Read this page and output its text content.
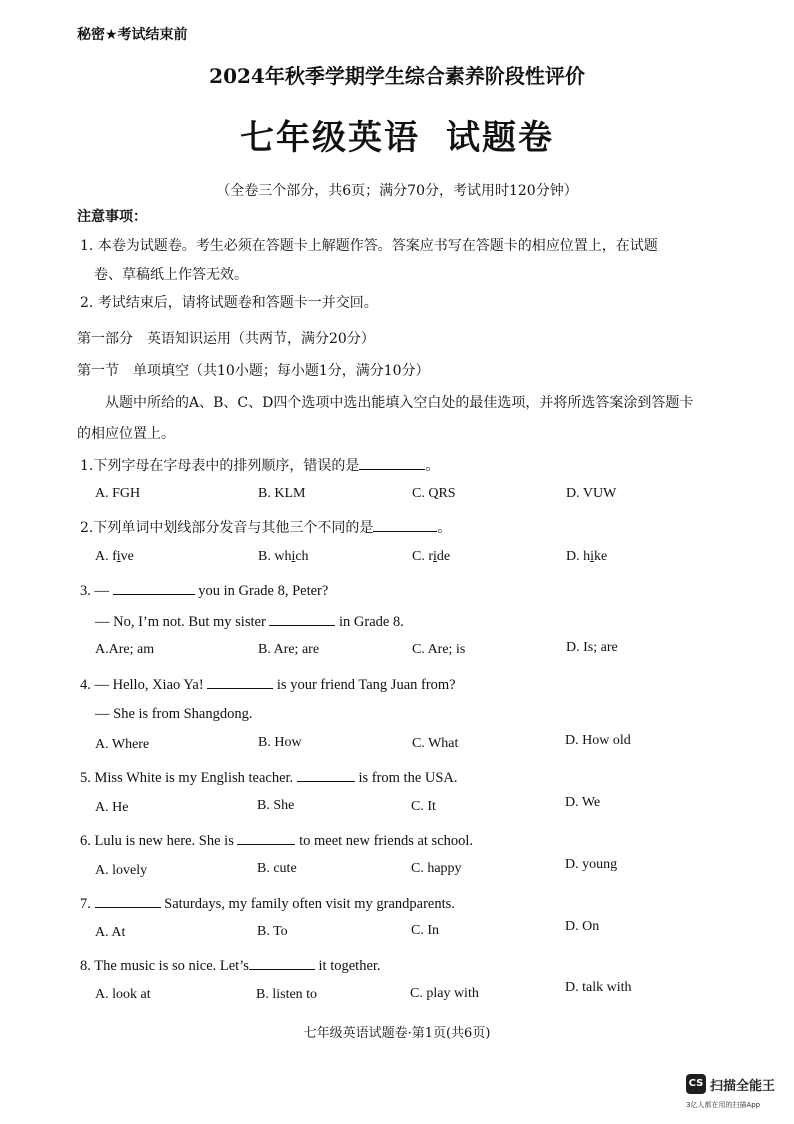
秘密★考试结束前
2024年秋季学期学生综合素养阶段性评价
七年级英语 试题卷
（全卷三个部分，共6页；满分70分，考试用时120分钟）
注意事项：
1. 本卷为试题卷。考生必须在答题卡上解题作答。答案应书写在答题卡的相应位置上，在试题
卷、草稿纸上作答无效。
2. 考试结束后，请将试题卷和答题卡一并交回。
第一部分　英语知识运用（共两节，满分20分）
第一节　单项填空（共10小题；每小题1分，满分10分）
从题中所给的A、B、C、D四个选项中选出能填入空白处的最佳选项，并将所选答案涂到答题卡
的相应位置上。
1.下列字母在字母表中的排列顺序，错误的是	。
A. FGH	B. KLM	C. QRS	D. VUW
2.下列单词中划线部分发音与其他三个不同的是	。
A. five	B. which	C. ride	D. hike
3. —	you in Grade 8, Peter?
— No, I’m not. But my sister	in Grade 8.
A.Are; am	B. Are; are	C. Are; is	D. Is; are
4. — Hello, Xiao Ya!	is your friend Tang Juan from?
— She is from Shangdong.
A. Where	B. How	C. What	D. How old
5. Miss White is my English teacher.	is from the USA.
A. He	B. She	C. It	D. We
6. Lulu is new here. She is	to meet new friends at school.
A. lovely	B. cute	C. happy	D. young
7.	Saturdays, my family often visit my grandparents.
A. At	B. To	C. In	D. On
8. The music is so nice. Let’s	it together.
A. look at	B. listen to	C. play with	D. talk with
七年级英语试题卷·第1页(共6页)
CS 扫描全能王
3亿人都在用的扫描App
